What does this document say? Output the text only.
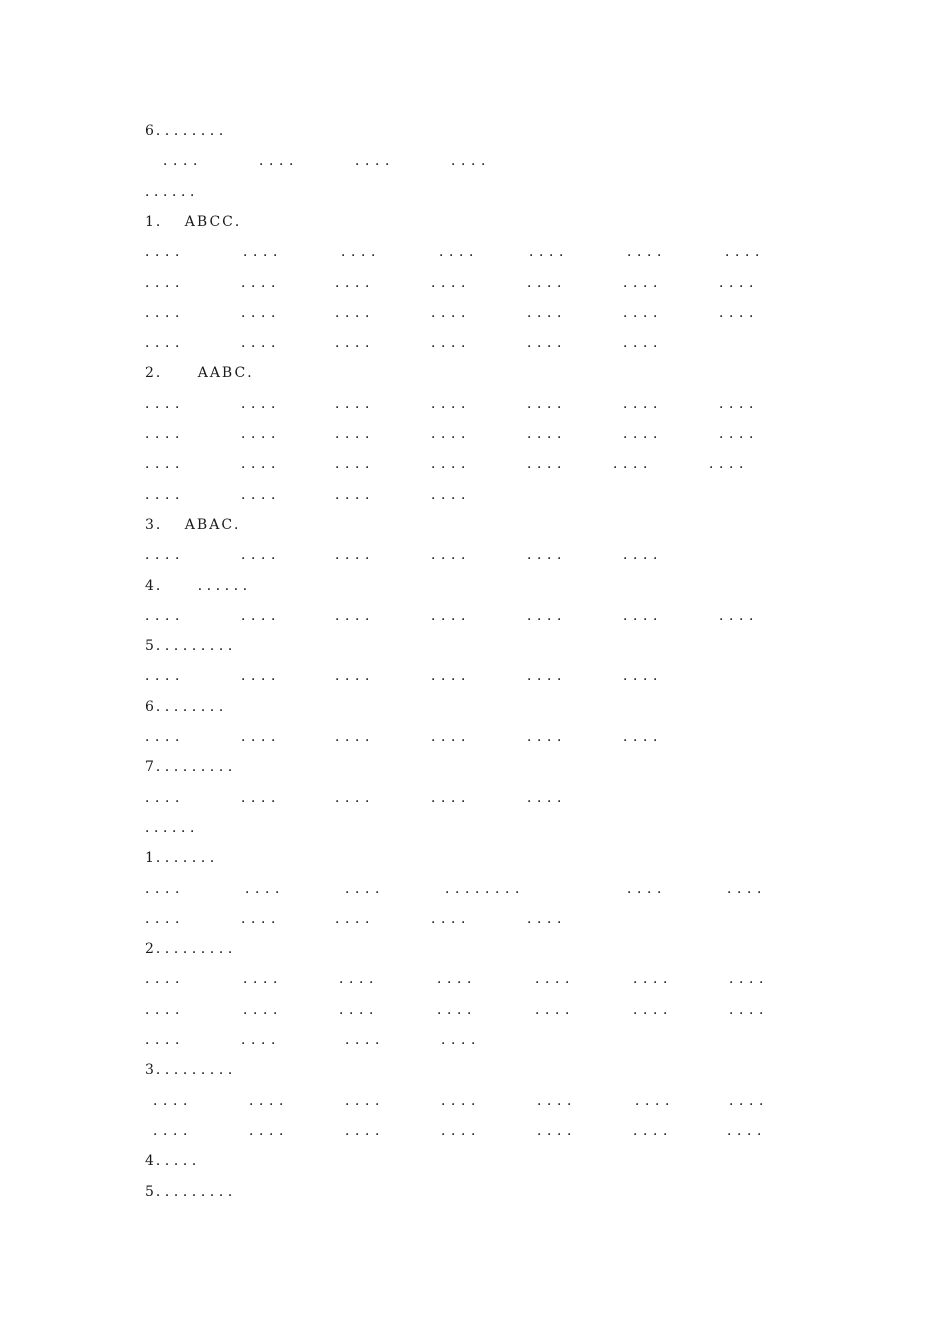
6．．．．．．．．
．．．．	．．．．	．．．．	．．．．
．．．．．．
1．  ABCC．
．．．．	．．．．	．．．．	．．．．	．．．．	．．．．	．．．．
．．．．	．．．．	．．．．	．．．．	．．．．	．．．．	．．．．
．．．．	．．．．	．．．．	．．．．	．．．．	．．．．	．．．．
．．．．	．．．．	．．．．	．．．．	．．．．	．．．．
2．    AABC．
．．．．	．．．．	．．．．	．．．．	．．．．	．．．．	．．．．
．．．．	．．．．	．．．．	．．．．	．．．．	．．．．	．．．．
．．．．	．．．．	．．．．	．．．．	．．．．	．．．．	．．．．
．．．．	．．．．	．．．．	．．．．
3．  ABAC．
．．．．	．．．．	．．．．	．．．．	．．．．	．．．．
4．    ．．．．．．
．．．．	．．．．	．．．．	．．．．	．．．．	．．．．	．．．．
5．．．．．．．．．
．．．．	．．．．	．．．．	．．．．	．．．．	．．．．
6．．．．．．．．
．．．．	．．．．	．．．．	．．．．	．．．．	．．．．
7．．．．．．．．．
．．．．	．．．．	．．．．	．．．．	．．．．
．．．．．．
1．．．．．．．
．．．．	．．．．	．．．．	．．．．．．．．	．．．．	．．．．
．．．．	．．．．	．．．．	．．．．	．．．．
2．．．．．．．．．
．．．．	．．．．	．．．．	．．．．	．．．．	．．．．	．．．．
．．．．	．．．．	．．．．	．．．．	．．．．	．．．．	．．．．
．．．．	．．．．	．．．．	．．．．
3．．．．．．．．．
．．．．	．．．．	．．．．	．．．．	．．．．	．．．．	．．．．
．．．．	．．．．	．．．．	．．．．	．．．．	．．．．	．．．．
4．．．．．
5．．．．．．．．．
